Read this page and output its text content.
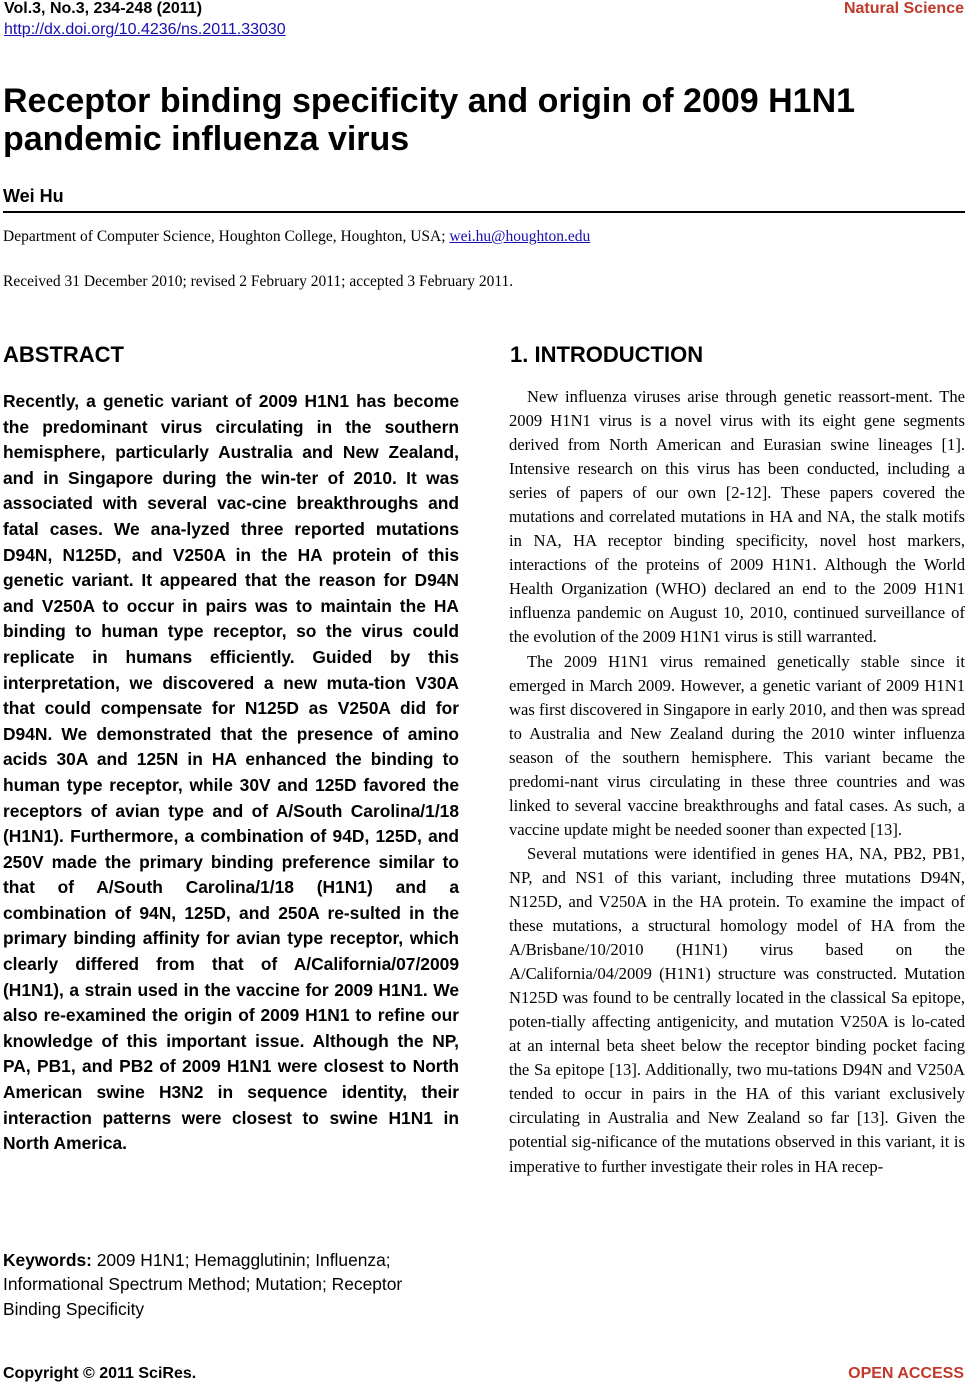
Vol.3, No.3, 234-248 (2011)
http://dx.doi.org/10.4236/ns.2011.33030
Natural Science
Receptor binding specificity and origin of 2009 H1N1 pandemic influenza virus
Wei Hu
Department of Computer Science, Houghton College, Houghton, USA; wei.hu@houghton.edu
Received 31 December 2010; revised 2 February 2011; accepted 3 February 2011.
ABSTRACT

Recently, a genetic variant of 2009 H1N1 has become the predominant virus circulating in the southern hemisphere, particularly Australia and New Zealand, and in Singapore during the win-ter of 2010. It was associated with several vac-cine breakthroughs and fatal cases. We ana-lyzed three reported mutations D94N, N125D, and V250A in the HA protein of this genetic variant. It appeared that the reason for D94N and V250A to occur in pairs was to maintain the HA binding to human type receptor, so the virus could replicate in humans efficiently. Guided by this interpretation, we discovered a new muta-tion V30A that could compensate for N125D as V250A did for D94N. We demonstrated that the presence of amino acids 30A and 125N in HA enhanced the binding to human type receptor, while 30V and 125D favored the receptors of avian type and of A/South Carolina/1/18 (H1N1). Furthermore, a combination of 94D, 125D, and 250V made the primary binding preference similar to that of A/South Carolina/1/18 (H1N1) and a combination of 94N, 125D, and 250A re-sulted in the primary binding affinity for avian type receptor, which clearly differed from that of A/California/07/2009 (H1N1), a strain used in the vaccine for 2009 H1N1. We also re-examined the origin of 2009 H1N1 to refine our knowledge of this important issue. Although the NP, PA, PB1, and PB2 of 2009 H1N1 were closest to North American swine H3N2 in sequence identity, their interaction patterns were closest to swine H1N1 in North America.

Keywords: 2009 H1N1; Hemagglutinin; Influenza; Informational Spectrum Method; Mutation; Receptor Binding Specificity

1. INTRODUCTION

New influenza viruses arise through genetic reassort-ment. The 2009 H1N1 virus is a novel virus with its eight gene segments derived from North American and Eurasian swine lineages [1]. Intensive research on this virus has been conducted, including a series of papers of our own [2-12]. These papers covered the mutations and correlated mutations in HA and NA, the stalk motifs in NA, HA receptor binding specificity, novel host markers, interactions of the proteins of 2009 H1N1. Although the World Health Organization (WHO) declared an end to the 2009 H1N1 influenza pandemic on August 10, 2010, continued surveillance of the evolution of the 2009 H1N1 virus is still warranted.

The 2009 H1N1 virus remained genetically stable since it emerged in March 2009. However, a genetic variant of 2009 H1N1 was first discovered in Singapore in early 2010, and then was spread to Australia and New Zealand during the 2010 winter influenza season of the southern hemisphere. This variant became the predomi-nant virus circulating in these three countries and was linked to several vaccine breakthroughs and fatal cases. As such, a vaccine update might be needed sooner than expected [13].

Several mutations were identified in genes HA, NA, PB2, PB1, NP, and NS1 of this variant, including three mutations D94N, N125D, and V250A in the HA protein. To examine the impact of these mutations, a structural homology model of HA from the A/Brisbane/10/2010 (H1N1) virus based on the A/California/04/2009 (H1N1) structure was constructed. Mutation N125D was found to be centrally located in the classical Sa epitope, poten-tially affecting antigenicity, and mutation V250A is lo-cated at an internal beta sheet below the receptor binding pocket facing the Sa epitope [13]. Additionally, two mu-tations D94N and V250A tended to occur in pairs in the HA of this variant exclusively circulating in Australia and New Zealand so far [13]. Given the potential sig-nificance of the mutations observed in this variant, it is imperative to further investigate their roles in HA recep-

Copyright © 2011 SciRes.	OPEN ACCESS
